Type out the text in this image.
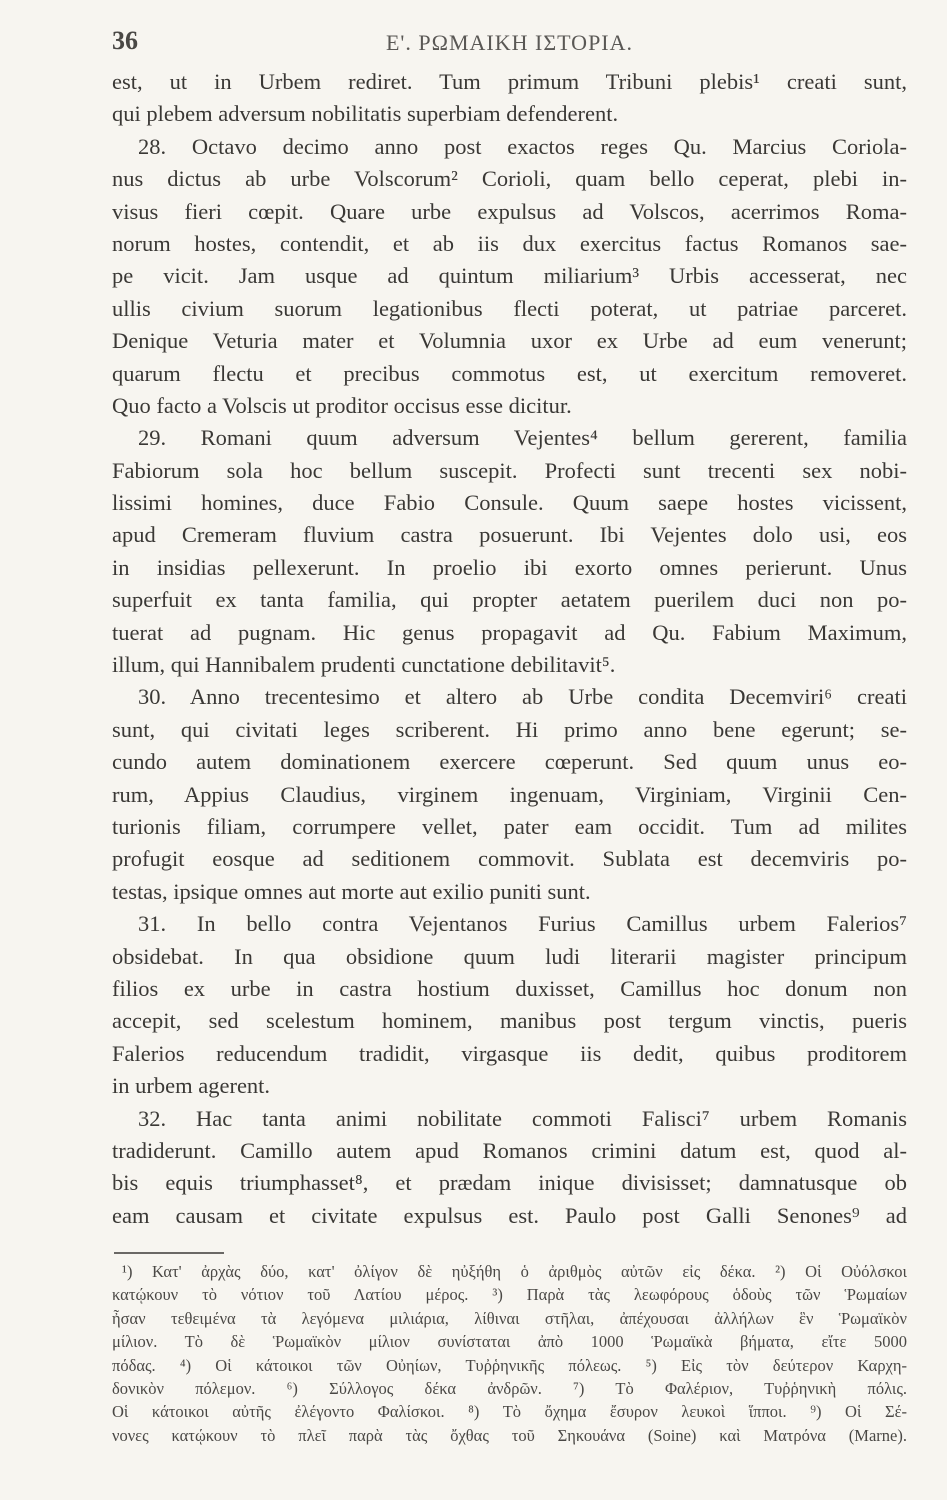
36	Ε'. ΡΩΜΑΙΚΗ ΙΣΤΟΡΙΑ.
est, ut in Urbem rediret. Tum primum Tribuni plebis¹ creati sunt,
qui plebem adversum nobilitatis superbiam defenderent.
28. Octavo decimo anno post exactos reges Qu. Marcius Coriola-
nus dictus ab urbe Volscorum² Corioli, quam bello ceperat, plebi in-
visus fieri cœpit. Quare urbe expulsus ad Volscos, acerrimos Roma-
norum hostes, contendit, et ab iis dux exercitus factus Romanos sae-
pe vicit. Jam usque ad quintum miliarium³ Urbis accesserat, nec
ullis civium suorum legationibus flecti poterat, ut patriae parceret.
Denique Veturia mater et Volumnia uxor ex Urbe ad eum venerunt;
quarum flectu et precibus commotus est, ut exercitum removeret.
Quo facto a Volscis ut proditor occisus esse dicitur.
29. Romani quum adversum Vejentes⁴ bellum gererent, familia
Fabiorum sola hoc bellum suscepit. Profecti sunt trecenti sex nobi-
lissimi homines, duce Fabio Consule. Quum saepe hostes vicissent,
apud Cremeram fluvium castra posuerunt. Ibi Vejentes dolo usi, eos
in insidias pellexerunt. In proelio ibi exorto omnes perierunt. Unus
superfuit ex tanta familia, qui propter aetatem puerilem duci non po-
tuerat ad pugnam. Hic genus propagavit ad Qu. Fabium Maximum,
illum, qui Hannibalem prudenti cunctatione debilitavit⁵.
30. Anno trecentesimo et altero ab Urbe condita Decemviri⁶ creati
sunt, qui civitati leges scriberent. Hi primo anno bene egerunt; se-
cundo autem dominationem exercere cœperunt. Sed quum unus eo-
rum, Appius Claudius, virginem ingenuam, Virginiam, Virginii Cen-
turionis filiam, corrumpere vellet, pater eam occidit. Tum ad milites
profugit eosque ad seditionem commovit. Sublata est decemviris po-
testas, ipsique omnes aut morte aut exilio puniti sunt.
31. In bello contra Vejentanos Furius Camillus urbem Falerios⁷
obsidebat. In qua obsidione quum ludi literarii magister principum
filios ex urbe in castra hostium duxisset, Camillus hoc donum non
accepit, sed scelestum hominem, manibus post tergum vinctis, pueris
Falerios reducendum tradidit, virgasque iis dedit, quibus proditorem
in urbem agerent.
32. Hac tanta animi nobilitate commoti Falisci⁷ urbem Romanis
tradiderunt. Camillo autem apud Romanos crimini datum est, quod al-
bis equis triumphasset⁸, et prædam inique divisisset; damnatusque ob
eam causam et civitate expulsus est. Paulo post Galli Senones⁹ ad
¹) Κατ' ἀρχὰς δύο, κατ' ὀλίγον δὲ ηὐξήθη ὁ ἀριθμὸς αὐτῶν εἰς δέκα. ²) Οἱ Οὐόλσκοι
κατῴκουν τὸ νότιον τοῦ Λατίου μέρος. ³) Παρὰ τὰς λεωφόρους ὁδοὺς τῶν Ῥωμαίων
ἦσαν τεθειμένα τὰ λεγόμενα μιλιάρια, λίθιναι στῆλαι, ἀπέχουσαι ἀλλήλων ἓν Ῥωμαϊκὸν
μίλιον. Τὸ δὲ Ῥωμαϊκὸν μίλιον συνίσταται ἀπὸ 1000 Ῥωμαϊκὰ βήματα, εἴτε 5000
πόδας. ⁴) Οἱ κάτοικοι τῶν Οὐηίων, Τυῤῥηνικῆς πόλεως. ⁵) Εἰς τὸν δεύτερον Καρχη-
δονικὸν πόλεμον. ⁶) Σύλλογος δέκα ἀνδρῶν. ⁷) Τὸ Φαλέριον, Τυῤῥηνικὴ πόλις.
Οἱ κάτοικοι αὐτῆς ἐλέγοντο Φαλίσκοι. ⁸) Τὸ ὄχημα ἔσυρον λευκοὶ ἵπποι. ⁹) Οἱ Σέ-
νονες κατῴκουν τὸ πλεῖ παρὰ τὰς ὄχθας τοῦ Σηκουάνα (Soine) καὶ Ματρόνα (Marne).
